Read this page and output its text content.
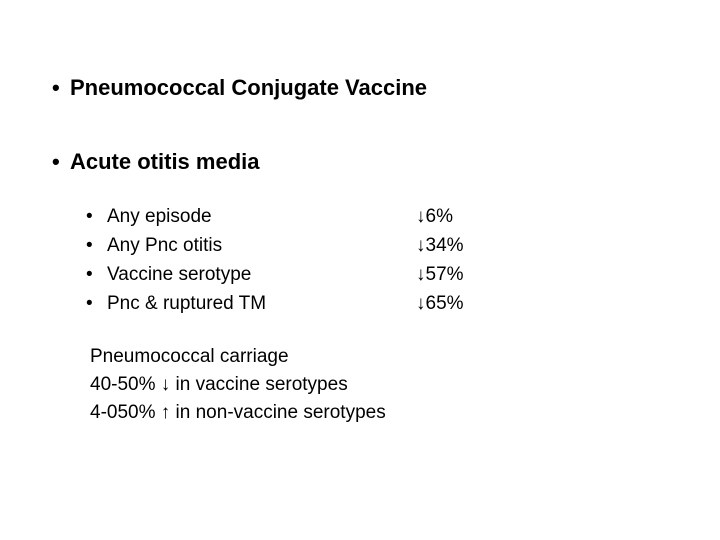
• Pneumococcal Conjugate Vaccine
• Acute otitis media
• Any episode	↓6%
• Any Pnc otitis	↓34%
• Vaccine serotype	↓57%
• Pnc & ruptured TM	↓65%
Pneumococcal carriage
40-50% ↓ in vaccine serotypes
4-050% ↑ in non-vaccine serotypes
